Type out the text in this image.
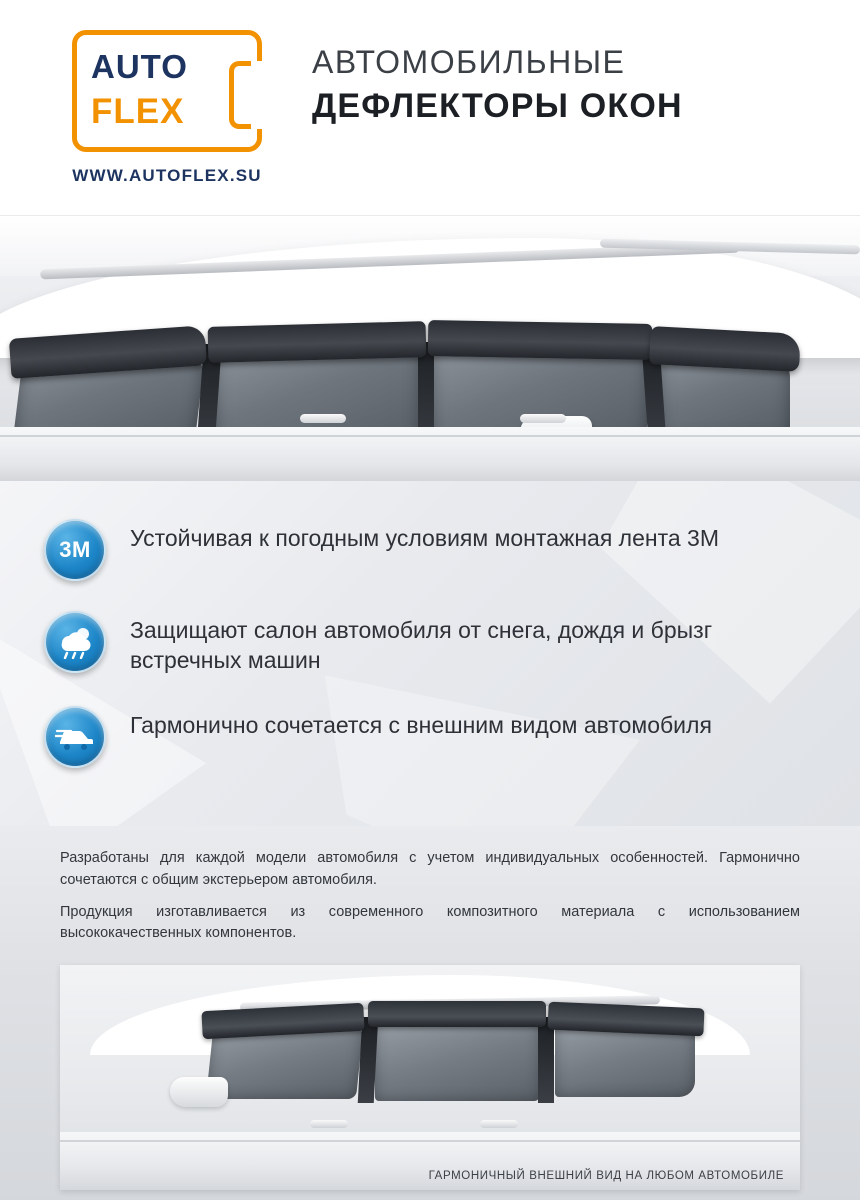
AUTO
FLEX
WWW.AUTOFLEX.SU
АВТОМОБИЛЬНЫЕ
ДЕФЛЕКТОРЫ ОКОН
3M Устойчивая к погодным условиям монтажная лента 3M
Защищают салон автомобиля от снега, дождя и брызг встречных машин
Гармонично сочетается с внешним видом автомобиля

Разработаны для каждой модели автомобиля с учетом индивидуальных особенностей. Гармонично сочетаются с общим экстерьером автомобиля.

Продукция изготавливается из современного композитного материала с использованием высококачественных компонентов.

ГАРМОНИЧНЫЙ ВНЕШНИЙ ВИД НА ЛЮБОМ АВТОМОБИЛЕ
